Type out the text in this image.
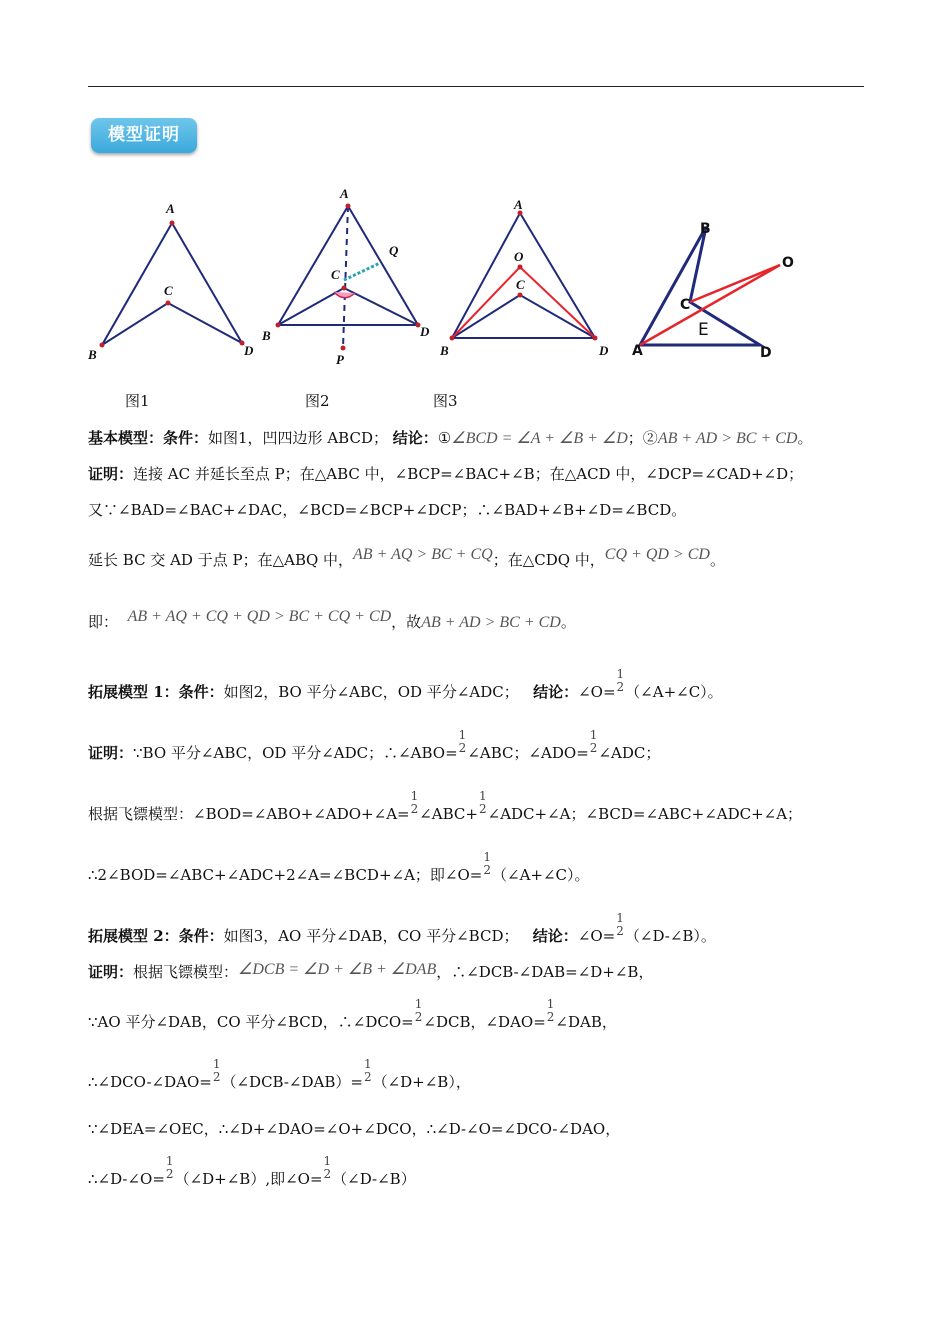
模型证明
A
B
C
D
A
B
C
D
P
Q
A
B
C
O
D A
B
C
D
O
E
图1	图2	图3
基本模型：条件：如图1，凹四边形 ABCD； 结论：①∠BCD = ∠A + ∠B + ∠D；②AB + AD > BC + CD。
证明：连接 AC 并延长至点 P；在△ABC 中，∠BCP=∠BAC+∠B；在△ACD 中，∠DCP=∠CAD+∠D；
又∵∠BAD=∠BAC+∠DAC，∠BCD=∠BCP+∠DCP；∴∠BAD+∠B+∠D=∠BCD。
延长 BC 交 AD 于点 P；在△ABQ 中，AB + AQ > BC + CQ；在△CDQ 中，CQ + QD > CD。
即： AB + AQ + CQ + QD > BC + CQ + CD，故AB + AD > BC + CD。
拓展模型 1：条件：如图2，BO 平分∠ABC，OD 平分∠ADC； 结论：∠O=
1
2 （∠A+∠C）。
证明：∵BO 平分∠ABC，OD 平分∠ADC；∴∠ABO=
1
2 ∠ABC；∠ADO=
1
2 ∠ADC；
根据飞镖模型：∠BOD=∠ABO+∠ADO+∠A=
1
2 ∠ABC+
1
2 ∠ADC+∠A；∠BCD=∠ABC+∠ADC+∠A；
∴2∠BOD=∠ABC+∠ADC+2∠A=∠BCD+∠A；即∠O=
1
2 （∠A+∠C）。
拓展模型 2：条件：如图3，AO 平分∠DAB，CO 平分∠BCD； 结论：∠O=
1
2 （∠D-∠B）。
证明：根据飞镖模型：∠DCB = ∠D + ∠B + ∠DAB，∴∠DCB-∠DAB=∠D+∠B，
∵AO 平分∠DAB，CO 平分∠BCD，∴∠DCO=
1
2 ∠DCB，∠DAO=
1
2 ∠DAB，
∴∠DCO-∠DAO=
1
2 （∠DCB-∠DAB）=
1
2 （∠D+∠B），
∵∠DEA=∠OEC，∴∠D+∠DAO=∠O+∠DCO，∴∠D-∠O=∠DCO-∠DAO，
∴∠D-∠O=
1
2 （∠D+∠B）,即∠O=
1
2 （∠D-∠B）
